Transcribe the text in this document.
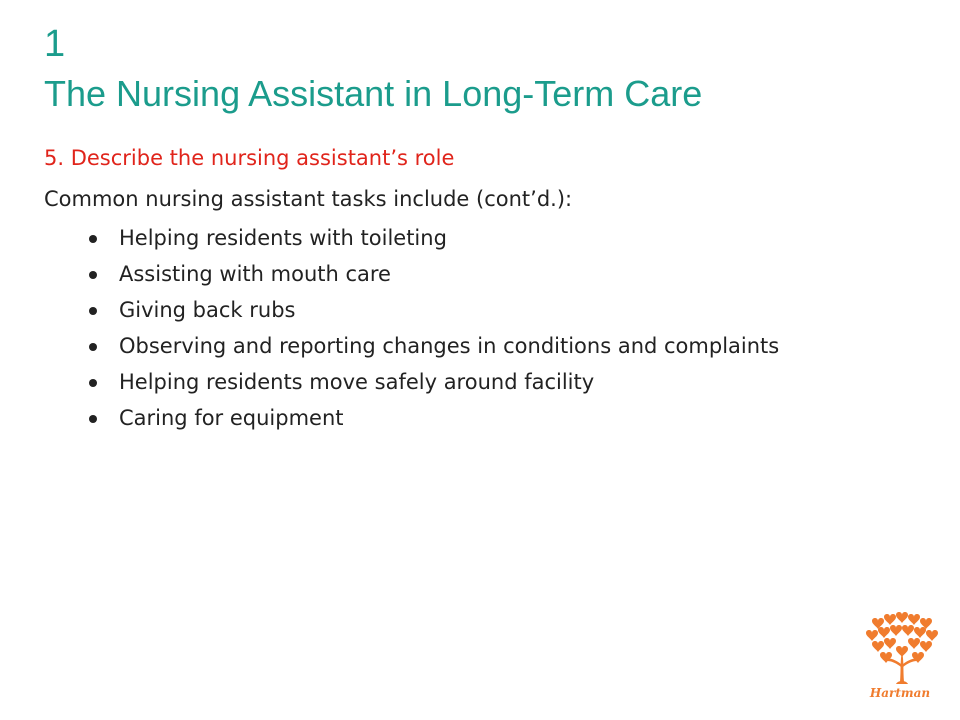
1
The Nursing Assistant in Long-Term Care
5. Describe the nursing assistant’s role
Common nursing assistant tasks include (cont’d.):
Helping residents with toileting
Assisting with mouth care
Giving back rubs
Observing and reporting changes in conditions and complaints
Helping residents move safely around facility
Caring for equipment
Hartman
